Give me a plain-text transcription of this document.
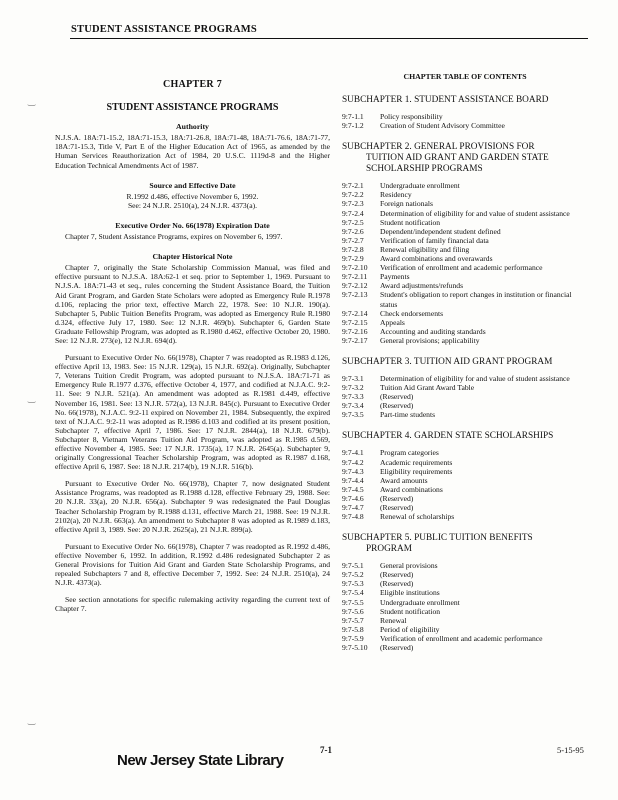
STUDENT ASSISTANCE PROGRAMS
‿
‿
‿
CHAPTER 7
STUDENT ASSISTANCE PROGRAMS
Authority

N.J.S.A. 18A:71-15.2, 18A:71-15.3, 18A:71-26.8, 18A:71-48, 18A:71-76.6, 18A:71-77, 18A:71-15.3, Title V, Part E of the Higher Education Act of 1965, as amended by the Human Services Reauthorization Act of 1984, 20 U.S.C. 1119d-8 and the Higher Education Technical Amendments Act of 1987.

Source and Effective Date

R.1992 d.486, effective November 6, 1992.

See: 24 N.J.R. 2510(a), 24 N.J.R. 4373(a).

Executive Order No. 66(1978) Expiration Date

Chapter 7, Student Assistance Programs, expires on November 6, 1997.

Chapter Historical Note

Chapter 7, originally the State Scholarship Commission Manual, was filed and effective pursuant to N.J.S.A. 18A:62-1 et seq. prior to September 1, 1969. Pursuant to N.J.S.A. 18A:71-43 et seq., rules concerning the Student Assistance Board, the Tuition Aid Grant Program, and Garden State Scholars were adopted as Emergency Rule R.1978 d.106, replacing the prior text, effective March 22, 1978. See: 10 N.J.R. 190(a). Subchapter 5, Public Tuition Benefits Program, was adopted as Emergency Rule R.1980 d.324, effective July 17, 1980. See: 12 N.J.R. 469(b). Subchapter 6, Garden State Graduate Fellowship Program, was adopted as R.1980 d.462, effective October 20, 1980. See: 12 N.J.R. 273(e), 12 N.J.R. 694(d).

Pursuant to Executive Order No. 66(1978), Chapter 7 was readopted as R.1983 d.126, effective April 13, 1983. See: 15 N.J.R. 129(a), 15 N.J.R. 692(a). Originally, Subchapter 7, Veterans Tuition Credit Program, was adopted pursuant to N.J.S.A. 18A:71-71 as Emergency Rule R.1977 d.376, effective October 4, 1977, and codified at N.J.A.C. 9:2-11. See: 9 N.J.R. 521(a). An amendment was adopted as R.1981 d.449, effective November 16, 1981. See: 13 N.J.R. 572(a), 13 N.J.R. 845(c). Pursuant to Executive Order No. 66(1978), N.J.A.C. 9:2-11 expired on November 21, 1984. Subsequently, the expired text of N.J.A.C. 9:2-11 was adopted as R.1986 d.103 and codified at its present position, Subchapter 7, effective April 7, 1986. See: 17 N.J.R. 2844(a), 18 N.J.R. 679(b). Subchapter 8, Vietnam Veterans Tuition Aid Program, was adopted as R.1985 d.569, effective November 4, 1985. See: 17 N.J.R. 1735(a), 17 N.J.R. 2645(a). Subchapter 9, originally Congressional Teacher Scholarship Program, was adopted as R.1987 d.168, effective April 6, 1987. See: 18 N.J.R. 2174(b), 19 N.J.R. 516(b).

Pursuant to Executive Order No. 66(1978), Chapter 7, now designated Student Assistance Programs, was readopted as R.1988 d.128, effective February 29, 1988. See: 20 N.J.R. 33(a), 20 N.J.R. 656(a). Subchapter 9 was redesignated the Paul Douglas Teacher Scholarship Program by R.1988 d.131, effective March 21, 1988. See: 19 N.J.R. 2102(a), 20 N.J.R. 663(a). An amendment to Subchapter 8 was adopted as R.1989 d.183, effective April 3, 1989. See: 20 N.J.R. 2625(a), 21 N.J.R. 899(a).

Pursuant to Executive Order No. 66(1978), Chapter 7 was readopted as R.1992 d.486, effective November 6, 1992. In addition, R.1992 d.486 redesignated Subchapter 2 as General Provisions for Tuition Aid Grant and Garden State Scholarship Programs, and repealed Subchapters 7 and 8, effective December 7, 1992. See: 24 N.J.R. 2510(a), 24 N.J.R. 4373(a).

See section annotations for specific rulemaking activity regarding the current text of Chapter 7.

CHAPTER TABLE OF CONTENTS
SUBCHAPTER 1. STUDENT ASSISTANCE BOARD
9:7-1.1	Policy responsibility
9:7-1.2	Creation of Student Advisory Committee
SUBCHAPTER 2. GENERAL PROVISIONS FOR
TUITION AID GRANT AND GARDEN STATE SCHOLARSHIP PROGRAMS
9:7-2.1	Undergraduate enrollment
9:7-2.2	Residency
9:7-2.3	Foreign nationals
9:7-2.4	Determination of eligibility for and value of student assistance
9:7-2.5	Student notification
9:7-2.6	Dependent/independent student defined
9:7-2.7	Verification of family financial data
9:7-2.8	Renewal eligibility and filing
9:7-2.9	Award combinations and overawards
9:7-2.10	Verification of enrollment and academic performance
9:7-2.11	Payments
9:7-2.12	Award adjustments/refunds
9:7-2.13	Student's obligation to report changes in institution or financial status
9:7-2.14	Check endorsements
9:7-2.15	Appeals
9:7-2.16	Accounting and auditing standards
9:7-2.17	General provisions; applicability
SUBCHAPTER 3. TUITION AID GRANT PROGRAM
9:7-3.1	Determination of eligibility for and value of student assistance
9:7-3.2	Tuition Aid Grant Award Table
9:7-3.3	(Reserved)
9:7-3.4	(Reserved)
9:7-3.5	Part-time students
SUBCHAPTER 4. GARDEN STATE SCHOLARSHIPS
9:7-4.1	Program categories
9:7-4.2	Academic requirements
9:7-4.3	Eligibility requirements
9:7-4.4	Award amounts
9:7-4.5	Award combinations
9:7-4.6	(Reserved)
9:7-4.7	(Reserved)
9:7-4.8	Renewal of scholarships
SUBCHAPTER 5. PUBLIC TUITION BENEFITS
PROGRAM
9:7-5.1	General provisions
9:7-5.2	(Reserved)
9:7-5.3	(Reserved)
9:7-5.4	Eligible institutions
9:7-5.5	Undergraduate enrollment
9:7-5.6	Student notification
9:7-5.7	Renewal
9:7-5.8	Period of eligibility
9:7-5.9	Verification of enrollment and academic performance
9:7-5.10	(Reserved)
New Jersey State Library
7-1	5-15-95
